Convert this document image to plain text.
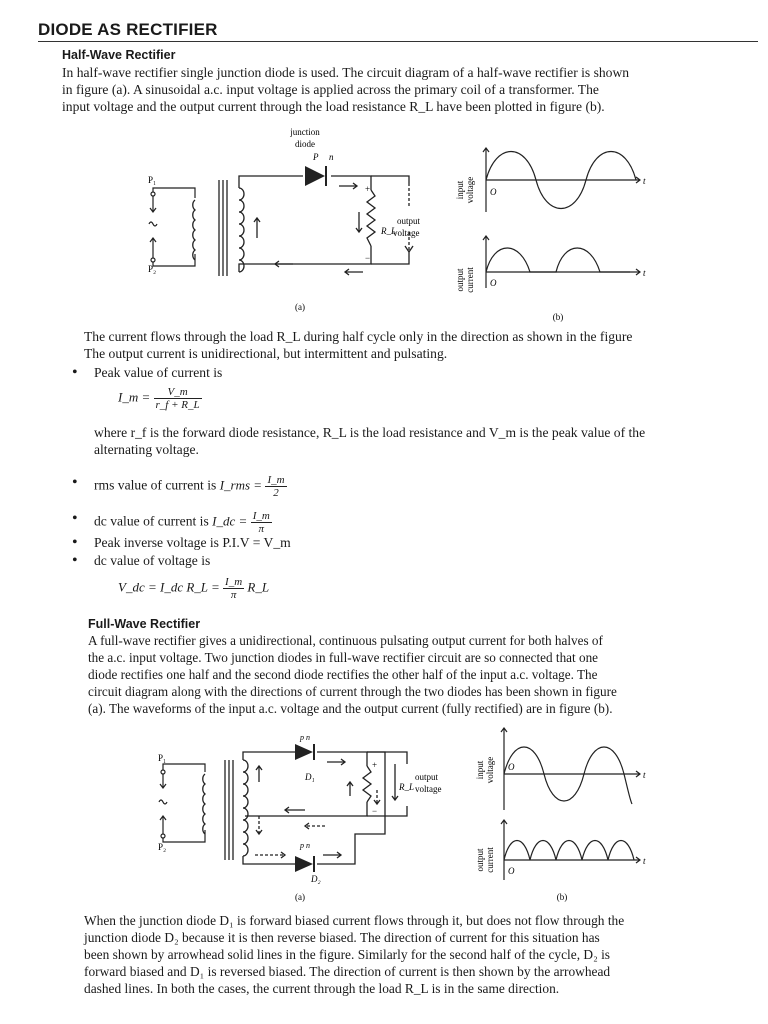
DIODE AS RECTIFIER
Half-Wave Rectifier
In half-wave rectifier single junction diode is used. The circuit diagram of a half-wave rectifier is shown
in figure (a). A sinusoidal a.c. input voltage is applied across the primary coil of a transformer. The
input voltage and the output current through the load resistance R_L have been plotted in figure (b).
junction
diode
P n
P₁
P₂
+
−
R_L
output
voltage
(a)
input voltage
output current
O
O
t
t
(b)
The current flows through the load R_L during half cycle only in the direction as shown in the figure
The output current is unidirectional, but intermittent and pulsating.
• Peak value of current is
I_m = $\frac{V\_m}{r\_f + R\_L}$
where r_f is the forward diode resistance, R_L is the load resistance and V_m is the peak value of the
alternating voltage.
• rms value of current is I_rms = $\frac{I\_m}{2}$
• dc value of current is I_dc = $\frac{I\_m}{\pi}$
• Peak inverse voltage is P.I.V = V_m
• dc value of voltage is
V_dc = I_dc R_L = $\frac{I\_m}{\pi}$ R_L
Full-Wave Rectifier
A full-wave rectifier gives a unidirectional, continuous pulsating output current for both halves of
the a.c. input voltage. Two junction diodes in full-wave rectifier circuit are so connected that one
diode rectifies one half and the second diode rectifies the other half of the input a.c. voltage. The
circuit diagram along with the directions of current through the two diodes has been shown in figure
(a). The waveforms of the input a.c. voltage and the output current (fully rectified) are in figure (b).
P₁
P₂
p n
p n
D₁
D₂
+
−
R_L
output
voltage
(a)
input voltage
output current
O
O
t
t
(b)
When the junction diode D₁ is forward biased current flows through it, but does not flow through the
junction diode D₂ because it is then reverse biased. The direction of current for this situation has
been shown by arrowhead solid lines in the figure. Similarly for the second half of the cycle, D₂ is
forward biased and D₁ is reversed biased. The direction of current is then shown by the arrowhead
dashed lines. In both the cases, the current through the load R_L is in the same direction.
